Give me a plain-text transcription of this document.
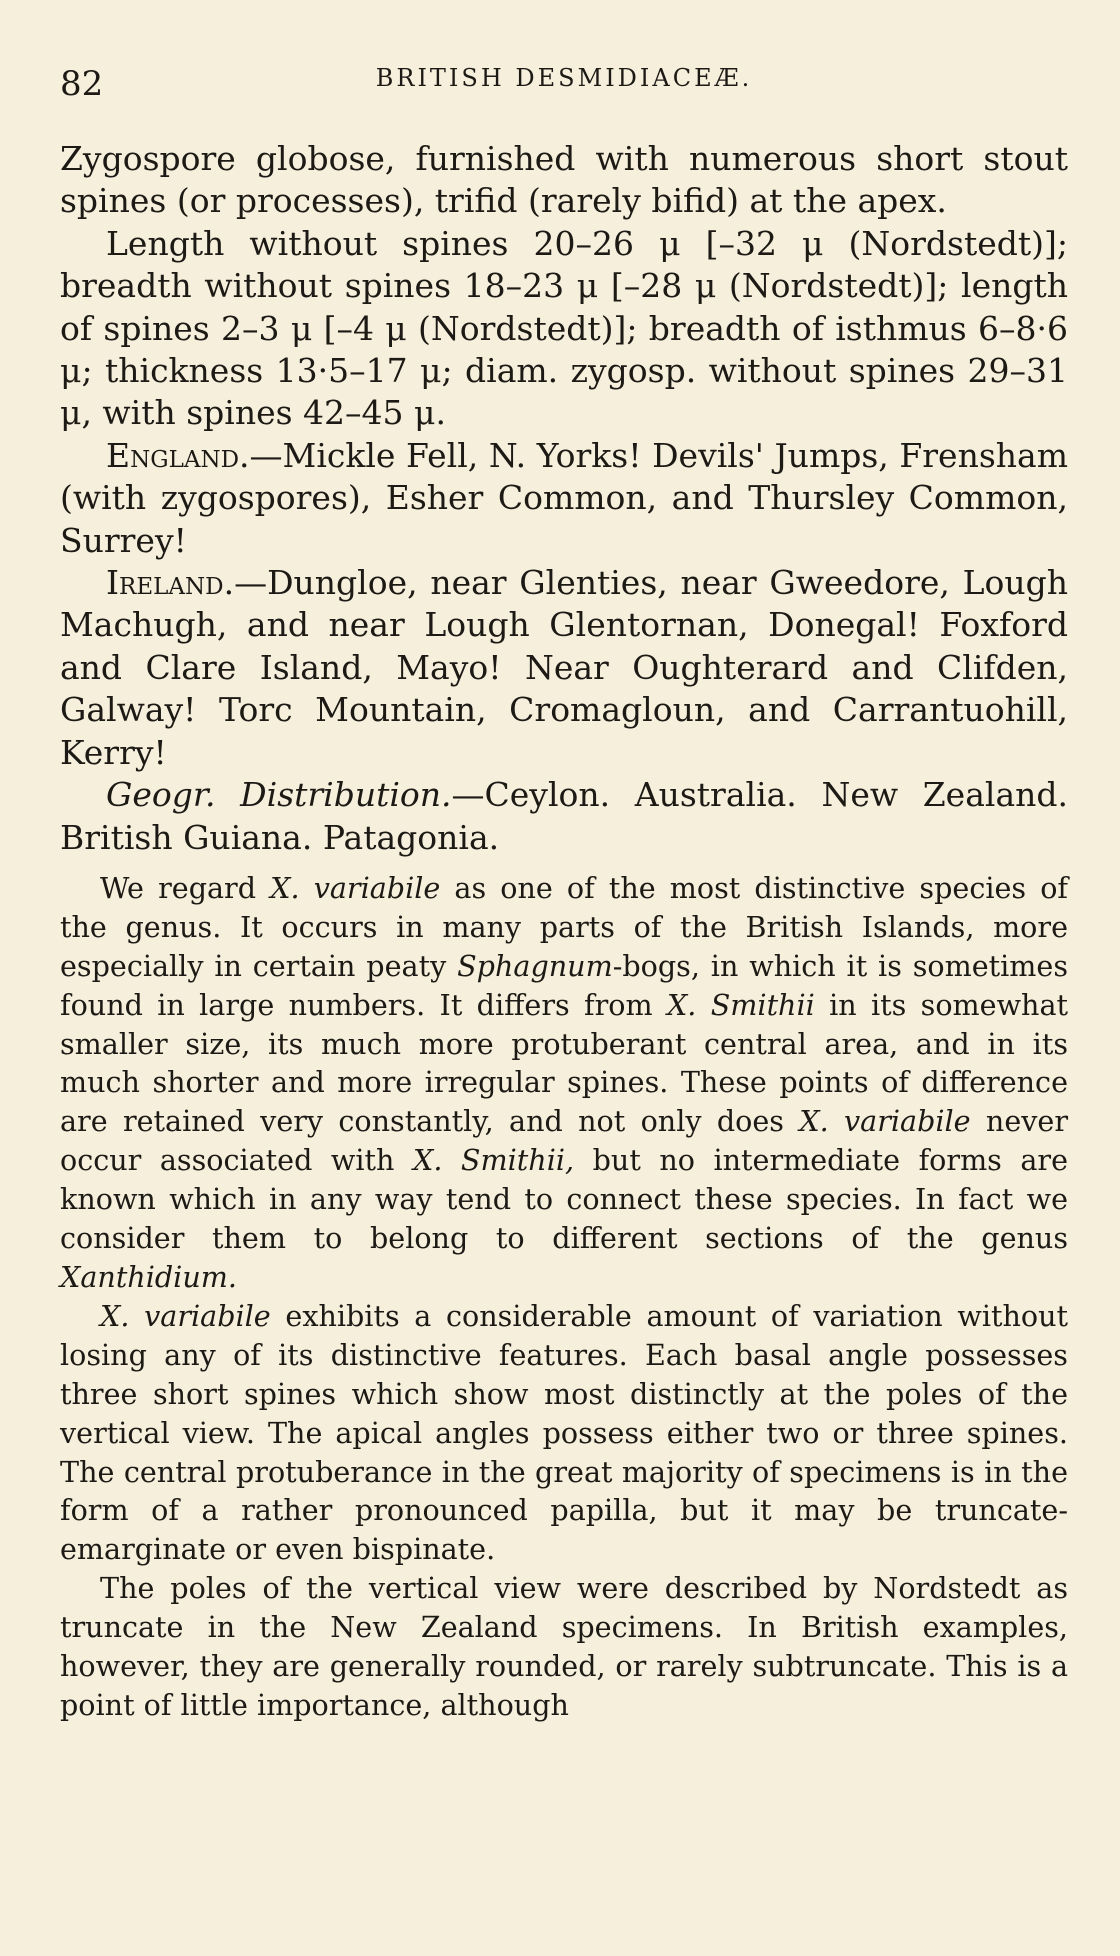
82	BRITISH DESMIDIACEÆ.

Zygospore globose, furnished with numerous short stout spines (or processes), trifid (rarely bifid) at the apex.

Length without spines 20–26 μ [–32 μ (Nordstedt)]; breadth without spines 18–23 μ [–28 μ (Nordstedt)]; length of spines 2–3 μ [–4 μ (Nordstedt)]; breadth of isthmus 6–8·6 μ; thickness 13·5–17 μ; diam. zygosp. without spines 29–31 μ, with spines 42–45 μ.

England.—Mickle Fell, N. Yorks! Devils' Jumps, Frensham (with zygospores), Esher Common, and Thursley Common, Surrey!

Ireland.—Dungloe, near Glenties, near Gweedore, Lough Machugh, and near Lough Glentornan, Donegal! Foxford and Clare Island, Mayo! Near Oughterard and Clifden, Galway! Torc Mountain, Cromagloun, and Carrantuohill, Kerry!

Geogr. Distribution.—Ceylon. Australia. New Zealand. British Guiana. Patagonia.

We regard X. variabile as one of the most distinctive species of the genus. It occurs in many parts of the British Islands, more especially in certain peaty Sphagnum-bogs, in which it is sometimes found in large numbers. It differs from X. Smithii in its somewhat smaller size, its much more protuberant central area, and in its much shorter and more irregular spines. These points of difference are retained very constantly, and not only does X. variabile never occur associated with X. Smithii, but no intermediate forms are known which in any way tend to connect these species. In fact we consider them to belong to different sections of the genus Xanthidium.

X. variabile exhibits a considerable amount of variation without losing any of its distinctive features. Each basal angle possesses three short spines which show most distinctly at the poles of the vertical view. The apical angles possess either two or three spines. The central protuberance in the great majority of specimens is in the form of a rather pronounced papilla, but it may be truncate-emarginate or even bispinate.

The poles of the vertical view were described by Nordstedt as truncate in the New Zealand specimens. In British examples, however, they are generally rounded, or rarely subtruncate. This is a point of little importance, although
